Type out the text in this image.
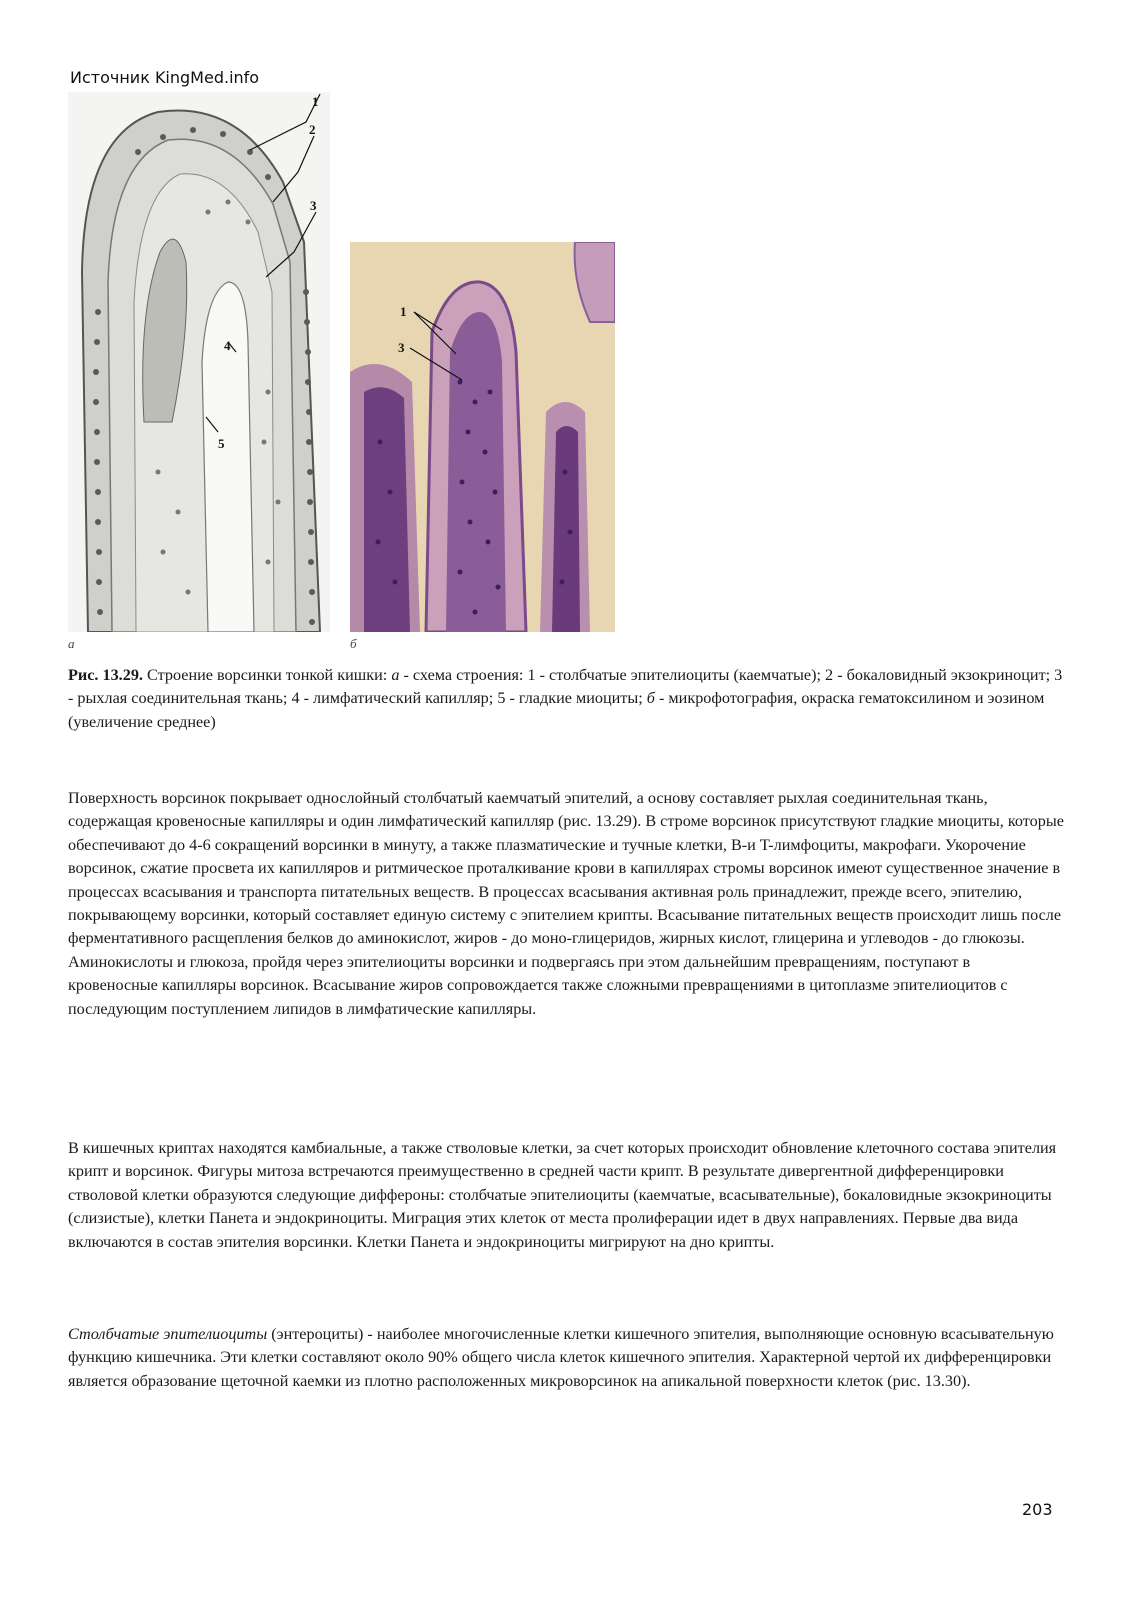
Источник KingMed.info
1
2
3
4
5
1
3
а	б

Рис. 13.29. Строение ворсинки тонкой кишки: а - схема строения: 1 - столбчатые эпителиоциты (каемчатые); 2 - бокаловидный экзокриноцит; 3 - рыхлая соединительная ткань; 4 - лимфатический капилляр; 5 - гладкие миоциты; б - микрофотография, окраска гематоксилином и эозином (увеличение среднее)

Поверхность ворсинок покрывает однослойный столбчатый каемчатый эпителий, а основу составляет рыхлая соединительная ткань, содержащая кровеносные капилляры и один лимфатический капилляр (рис. 13.29). В строме ворсинок присутствуют гладкие миоциты, которые обеспечивают до 4-6 сокращений ворсинки в минуту, а также плазматические и тучные клетки, B-и T-лимфоциты, макрофаги. Укорочение ворсинок, сжатие просвета их капилляров и ритмическое проталкивание крови в капиллярах стромы ворсинок имеют существенное значение в процессах всасывания и транспорта питательных веществ. В процессах всасывания активная роль принадлежит, прежде всего, эпителию, покрывающему ворсинки, который составляет единую систему с эпителием крипты. Всасывание питательных веществ происходит лишь после ферментативного расщепления белков до аминокислот, жиров - до моно-глицеридов, жирных кислот, глицерина и углеводов - до глюкозы. Аминокислоты и глюкоза, пройдя через эпителиоциты ворсинки и подвергаясь при этом дальнейшим превращениям, поступают в кровеносные капилляры ворсинок. Всасывание жиров сопровождается также сложными превращениями в цитоплазме эпителиоцитов с последующим поступлением липидов в лимфатические капилляры.

В кишечных криптах находятся камбиальные, а также стволовые клетки, за счет которых происходит обновление клеточного состава эпителия крипт и ворсинок. Фигуры митоза встречаются преимущественно в средней части крипт. В результате дивергентной дифференцировки стволовой клетки образуются следующие диффероны: столбчатые эпителиоциты (каемчатые, всасывательные), бокаловидные экзокриноциты (слизистые), клетки Панета и эндокриноциты. Миграция этих клеток от места пролиферации идет в двух направлениях. Первые два вида включаются в состав эпителия ворсинки. Клетки Панета и эндокриноциты мигрируют на дно крипты.

Столбчатые эпителиоциты (энтероциты) - наиболее многочисленные клетки кишечного эпителия, выполняющие основную всасывательную функцию кишечника. Эти клетки составляют около 90% общего числа клеток кишечного эпителия. Характерной чертой их дифференцировки является образование щеточной каемки из плотно расположенных микроворсинок на апикальной поверхности клеток (рис. 13.30).

203
